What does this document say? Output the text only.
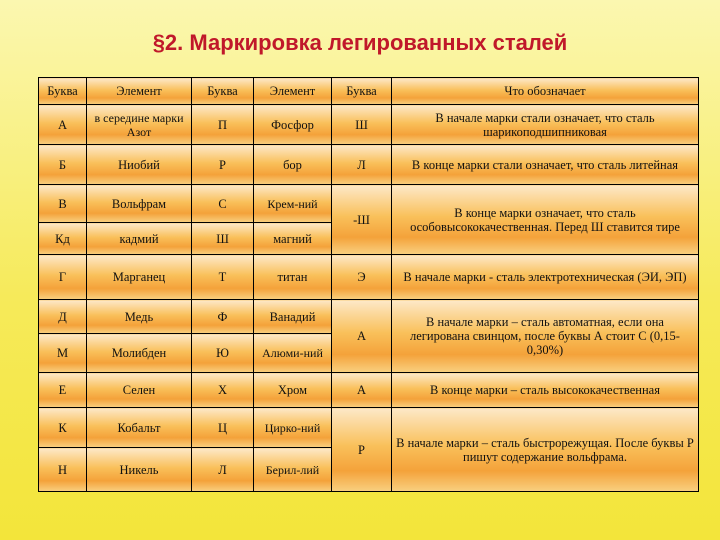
§2. Маркировка легированных сталей
Буква	Элемент	Буква	Элемент	Буква	Что обозначает
А	в середине марки Азот	П	Фосфор	Ш	В начале марки стали означает, что сталь шарикоподшипниковая
Б	Ниобий	Р	бор	Л	В конце марки стали означает, что сталь литейная
В	Вольфрам	С	Крем-ний	-Ш	В конце марки означает, что сталь особовысококачественная. Перед Ш ставится тире
Кд	кадмий	Ш	магний		
Г	Марганец	Т	титан	Э	В начале марки - сталь электротехническая (ЭИ, ЭП)
Д	Медь	Ф	Ванадий	А	В начале марки – сталь автоматная, если она легирована свинцом, после буквы А стоит С (0,15-0,30%)
М	Молибден	Ю	Алюми-ний		
Е	Селен	Х	Хром	А	В конце марки – сталь высококачественная
К	Кобальт	Ц	Цирко-ний	Р	В начале марки – сталь быстрорежущая. После буквы Р пишут содержание вольфрама.
Н	Никель	Л	Берил-лий		
